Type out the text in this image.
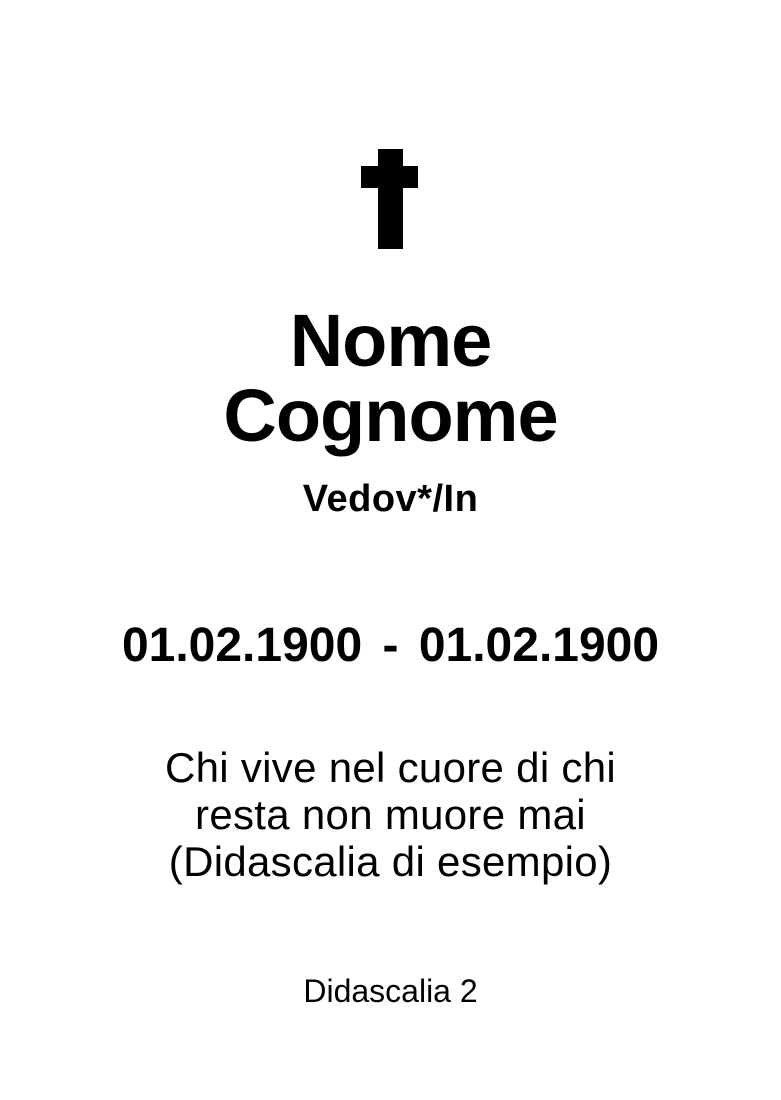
Nome
Cognome
Vedov*/In
01.02.1900 - 01.02.1900
Chi vive nel cuore di chi
resta non muore mai
(Didascalia di esempio)
Didascalia 2
